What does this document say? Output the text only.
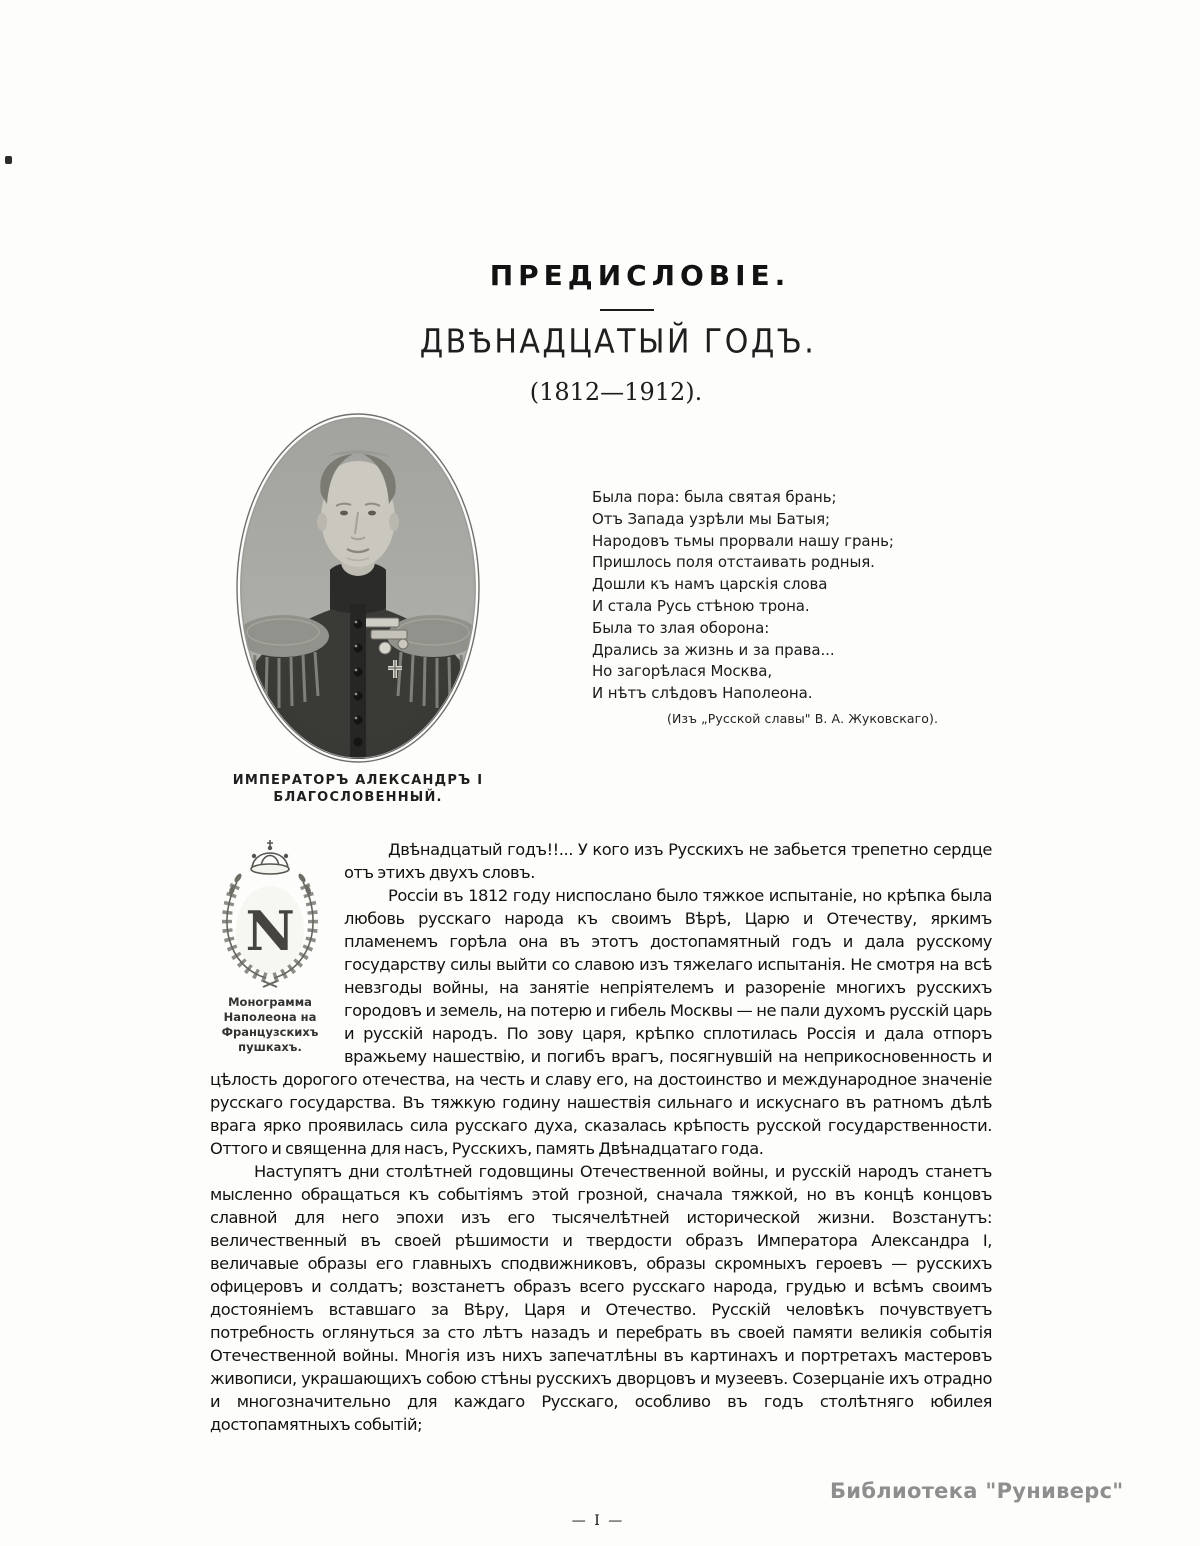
ПРЕДИСЛОВІЕ.
ДВѢНАДЦАТЫЙ ГОДЪ.
(1812—1912).
ИМПЕРАТОРЪ АЛЕКСАНДРЪ I
БЛАГОСЛОВЕННЫЙ.
Была пора: была святая брань;
Отъ Запада узрѣли мы Батыя;
Народовъ тьмы прорвали нашу грань;
Пришлось поля отстаивать родныя.
Дошли къ намъ царскія слова
И стала Русь стѣною трона.
Была то злая оборона:
Дрались за жизнь и за права...
Но загорѣлася Москва,
И нѣтъ слѣдовъ Наполеона.
(Изъ „Русской славы" В. А. Жуковскаго).
N
Монограмма
Наполеона на
Французскихъ
пушкахъ.

Двѣнадцатый годъ!!... У кого изъ Русскихъ не забьется трепетно сердце отъ этихъ двухъ словъ.

Россіи въ 1812 году ниспослано было тяжкое испытаніе, но крѣпка была любовь русскаго народа къ своимъ Вѣрѣ, Царю и Отечеству, яркимъ пламенемъ горѣла она въ этотъ достопамятный годъ и дала русскому государству силы выйти со славою изъ тяжелаго испытанія. Не смотря на всѣ невзгоды войны, на занятіе непріятелемъ и разореніе многихъ русскихъ городовъ и земель, на потерю и гибель Москвы — не пали духомъ русскій царь и русскій народъ. По зову царя, крѣпко сплотилась Россія и дала отпоръ вражьему нашествію, и погибъ врагъ, посягнувшій на неприкосновенность и цѣлость дорогого отечества, на честь и славу его, на достоинство и международное значеніе русскаго государства. Въ тяжкую годину нашествія сильнаго и искуснаго въ ратномъ дѣлѣ врага ярко проявилась сила русскаго духа, сказалась крѣпость русской государственности. Оттого и священна для насъ, Русскихъ, память Двѣнадцатаго года.

Наступятъ дни столѣтней годовщины Отечественной войны, и русскій народъ станетъ мысленно обращаться къ событіямъ этой грозной, сначала тяжкой, но въ концѣ концовъ славной для него эпохи изъ его тысячелѣтней исторической жизни. Возстанутъ: величественный въ своей рѣшимости и твердости образъ Императора Александра I, величавые образы его главныхъ сподвижниковъ, образы скромныхъ героевъ — русскихъ офицеровъ и солдатъ; возстанетъ образъ всего русскаго народа, грудью и всѣмъ своимъ достояніемъ вставшаго за Вѣру, Царя и Отечество. Русскій человѣкъ почувствуетъ потребность оглянуться за сто лѣтъ назадъ и перебрать въ своей памяти великія событія Отечественной войны. Многія изъ нихъ запечатлѣны въ картинахъ и портретахъ мастеровъ живописи, украшающихъ собою стѣны русскихъ дворцовъ и музеевъ. Созерцаніе ихъ отрадно и многозначительно для каждаго Русскаго, особливо въ годъ столѣтняго юбилея достопамятныхъ событій;

Библиотека "Руниверс"
— I —
